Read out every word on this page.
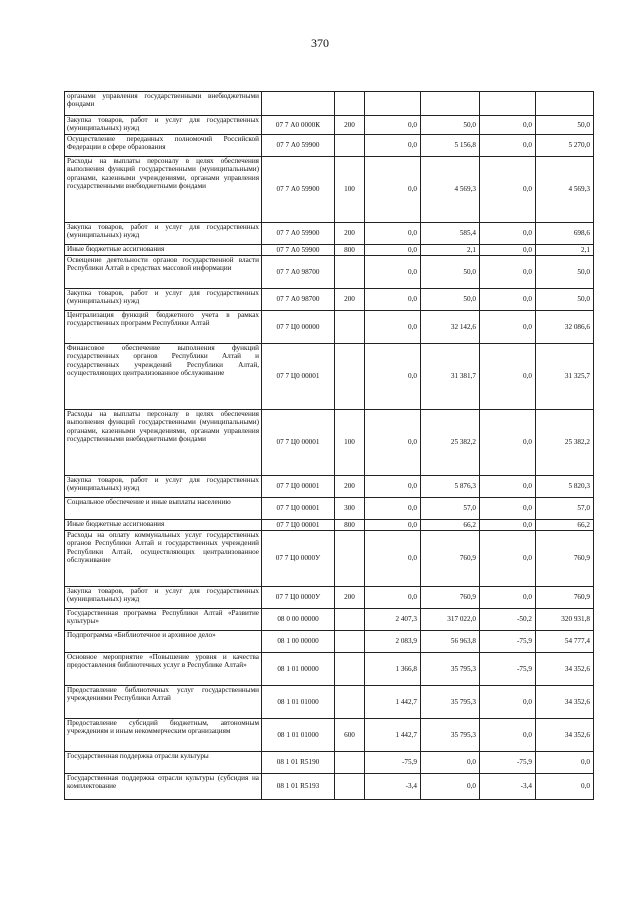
370
органами управления государственными внебюджетными фондами						
Закупка товаров, работ и услуг для государственных (муниципальных) нужд	07 7 А0 0000К	200	0,0	50,0	0,0	50,0
Осуществление переданных полномочий Российской Федерации в сфере образования	07 7 А0 59900		0,0	5 156,8	0,0	5 270,0
Расходы на выплаты персоналу в целях обеспечения выполнения функций государственными (муниципальными) органами, казенными учреждениями, органами управления государственными внебюджетными фондами	07 7 А0 59900	100	0,0	4 569,3	0,0	4 569,3
Закупка товаров, работ и услуг для государственных (муниципальных) нужд	07 7 А0 59900	200	0,0	585,4	0,0	698,6
Иные бюджетные ассигнования	07 7 А0 59900	800	0,0	2,1	0,0	2,1
Освещение деятельности органов государственной власти Республики Алтай в средствах массовой информации	07 7 А0 98700		0,0	50,0	0,0	50,0
Закупка товаров, работ и услуг для государственных (муниципальных) нужд	07 7 А0 98700	200	0,0	50,0	0,0	50,0
Централизация функций бюджетного учета в рамках государственных программ Республики Алтай	07 7 Ц0 00000		0,0	32 142,6	0,0	32 086,6
Финансовое обеспечение выполнения функций государственных органов Республики Алтай и государственных учреждений Республики Алтай, осуществляющих централизованное обслуживание	07 7 Ц0 00001		0,0	31 381,7	0,0	31 325,7
Расходы на выплаты персоналу в целях обеспечения выполнения функций государственными (муниципальными) органами, казенными учреждениями, органами управления государственными внебюджетными фондами	07 7 Ц0 00001	100	0,0	25 382,2	0,0	25 382,2
Закупка товаров, работ и услуг для государственных (муниципальных) нужд	07 7 Ц0 00001	200	0,0	5 876,3	0,0	5 820,3
Социальное обеспечение и иные выплаты населению	07 7 Ц0 00001	300	0,0	57,0	0,0	57,0
Иные бюджетные ассигнования	07 7 Ц0 00001	800	0,0	66,2	0,0	66,2
Расходы на оплату коммунальных услуг государственных органов Республики Алтай и государственных учреждений Республики Алтай, осуществляющих централизованное обслуживание	07 7 Ц0 0000У		0,0	760,9	0,0	760,9
Закупка товаров, работ и услуг для государственных (муниципальных) нужд	07 7 Ц0 0000У	200	0,0	760,9	0,0	760,9
Государственная программа Республики Алтай «Развитие культуры»	08 0 00 00000		2 407,3	317 022,0	-50,2	320 931,8
Подпрограмма «Библиотечное и архивное дело»	08 1 00 00000		2 083,9	56 963,8	-75,9	54 777,4
Основное мероприятие «Повышение уровня и качества предоставления библиотечных услуг в Республике Алтай»	08 1 01 00000		1 366,8	35 795,3	-75,9	34 352,6
Предоставление библиотечных услуг государственными учреждениями Республики Алтай	08 1 01 01000		1 442,7	35 795,3	0,0	34 352,6
Предоставление субсидий бюджетным, автономным учреждениям и иным некоммерческим организациям	08 1 01 01000	600	1 442,7	35 795,3	0,0	34 352,6
Государственная поддержка отрасли культуры	08 1 01 R5190		-75,9	0,0	-75,9	0,0
Государственная поддержка отрасли культуры (субсидия на комплектование	08 1 01 R5193		-3,4	0,0	-3,4	0,0
